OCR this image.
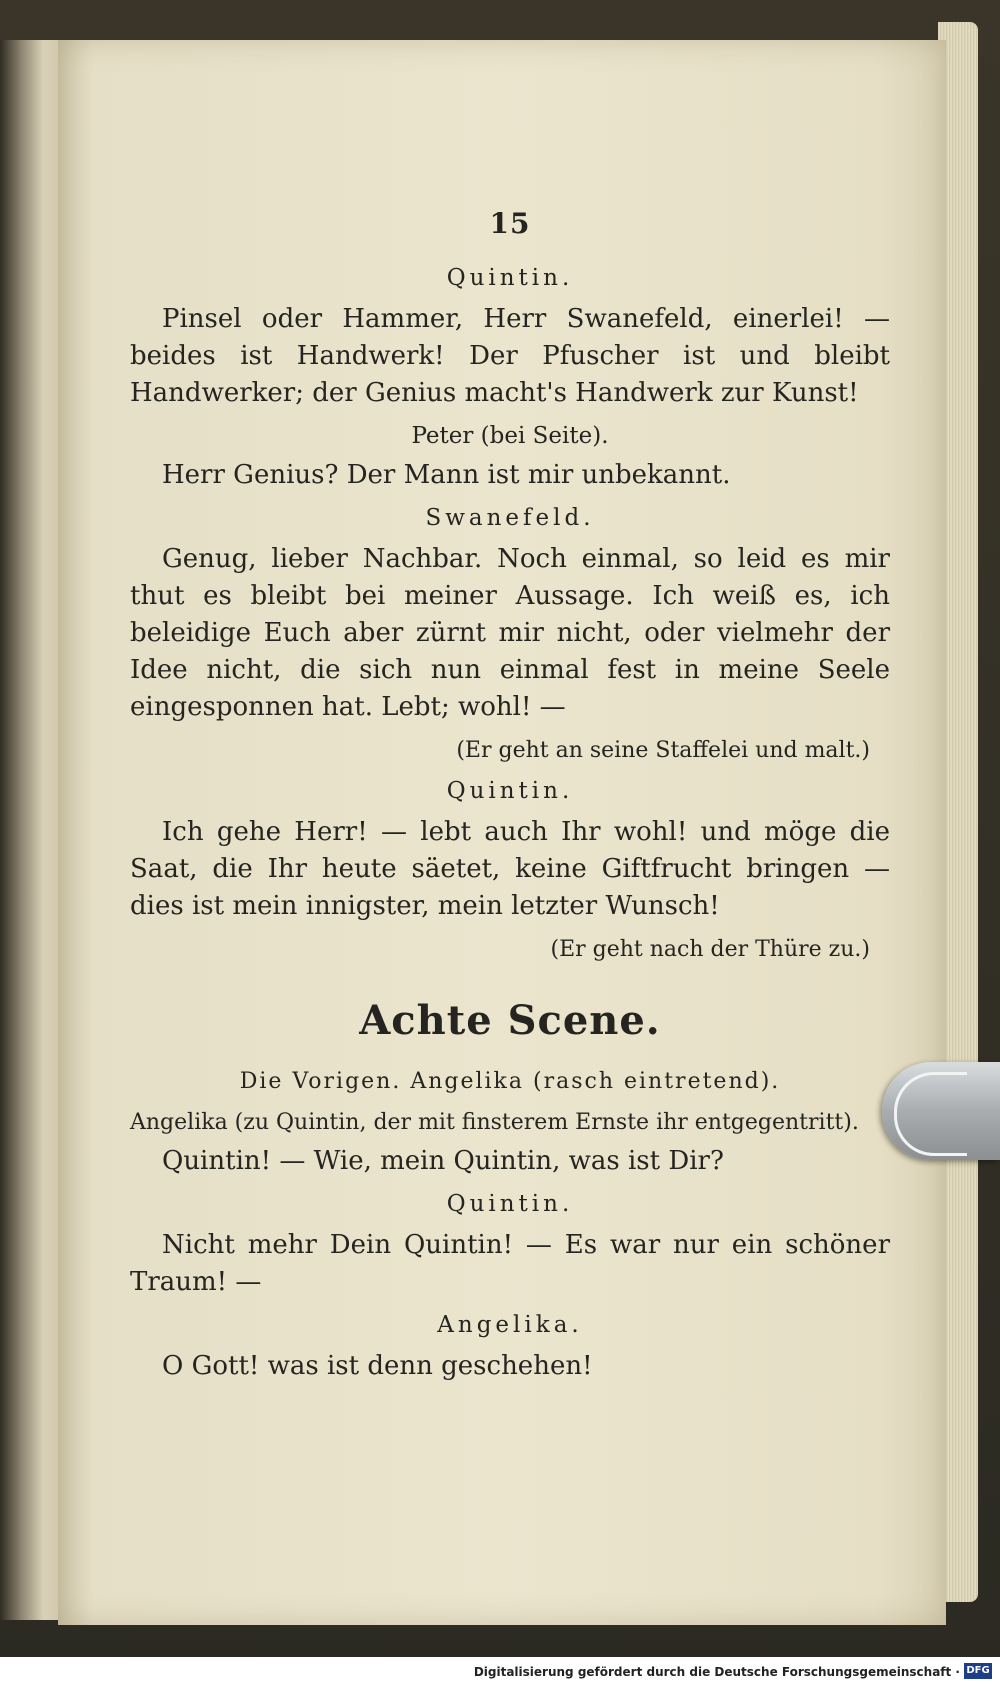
15
Quintin.
Pinsel oder Hammer, Herr Swanefeld, einerlei! — beides ist Handwerk! Der Pfuscher ist und bleibt Handwerker; der Genius macht's Handwerk zur Kunst!
Peter (bei Seite).
Herr Genius? Der Mann ist mir unbekannt.
Swanefeld.
Genug, lieber Nachbar. Noch einmal, so leid es mir thut es bleibt bei meiner Aussage. Ich weiß es, ich beleidige Euch aber zürnt mir nicht, oder vielmehr der Idee nicht, die sich nun einmal fest in meine Seele eingesponnen hat. Lebt; wohl! —
(Er geht an seine Staffelei und malt.)
Quintin.
Ich gehe Herr! — lebt auch Ihr wohl! und möge die Saat, die Ihr heute säetet, keine Giftfrucht bringen — dies ist mein innigster, mein letzter Wunsch!
(Er geht nach der Thüre zu.)
Achte Scene.
Die Vorigen. Angelika (rasch eintretend).
Angelika (zu Quintin, der mit finsterem Ernste ihr entgegentritt).
Quintin! — Wie, mein Quintin, was ist Dir?
Quintin.
Nicht mehr Dein Quintin! — Es war nur ein schöner Traum! —
Angelika.
O Gott! was ist denn geschehen!
Digitalisierung gefördert durch die Deutsche Forschungsgemeinschaft · DFG
